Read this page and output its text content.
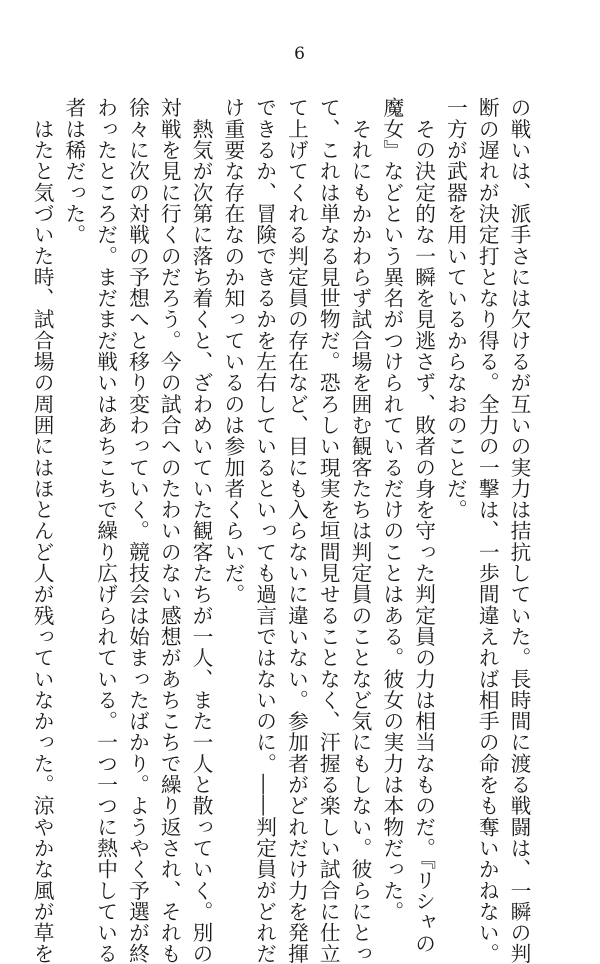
6

の戦いは、派手さには欠けるが互いの実力は拮抗していた。長時間に渡る戦闘は、一瞬の判

断の遅れが決定打となり得る。全力の一撃は、一歩間違えれば相手の命をも奪いかねない。

一方が武器を用いているからなおのことだ。

　その決定的な一瞬を見逃さず、敗者の身を守った判定員の力は相当なものだ。『リシャの

魔女』などという異名がつけられているだけのことはある。彼女の実力は本物だった。

　それにもかかわらず試合場を囲む観客たちは判定員のことなど気にもしない。彼らにとっ

て、これは単なる見世物だ。恐ろしい現実を垣間見せることなく、汗握る楽しい試合に仕立

て上げてくれる判定員の存在など、目にも入らないに違いない。参加者がどれだけ力を発揮

できるか、冒険できるかを左右しているといっても過言ではないのに。――判定員がどれだ

け重要な存在なのか知っているのは参加者くらいだ。

　熱気が次第に落ち着くと、ざわめいていた観客たちが一人、また一人と散っていく。別の

対戦を見に行くのだろう。今の試合へのたわいのない感想があちこちで繰り返され、それも

徐々に次の対戦の予想へと移り変わっていく。競技会は始まったばかり。ようやく予選が終

わったところだ。まだまだ戦いはあちこちで繰り広げられている。一つ一つに熱中している

者は稀だった。

　はたと気づいた時、試合場の周囲にはほとんど人が残っていなかった。涼やかな風が草を
